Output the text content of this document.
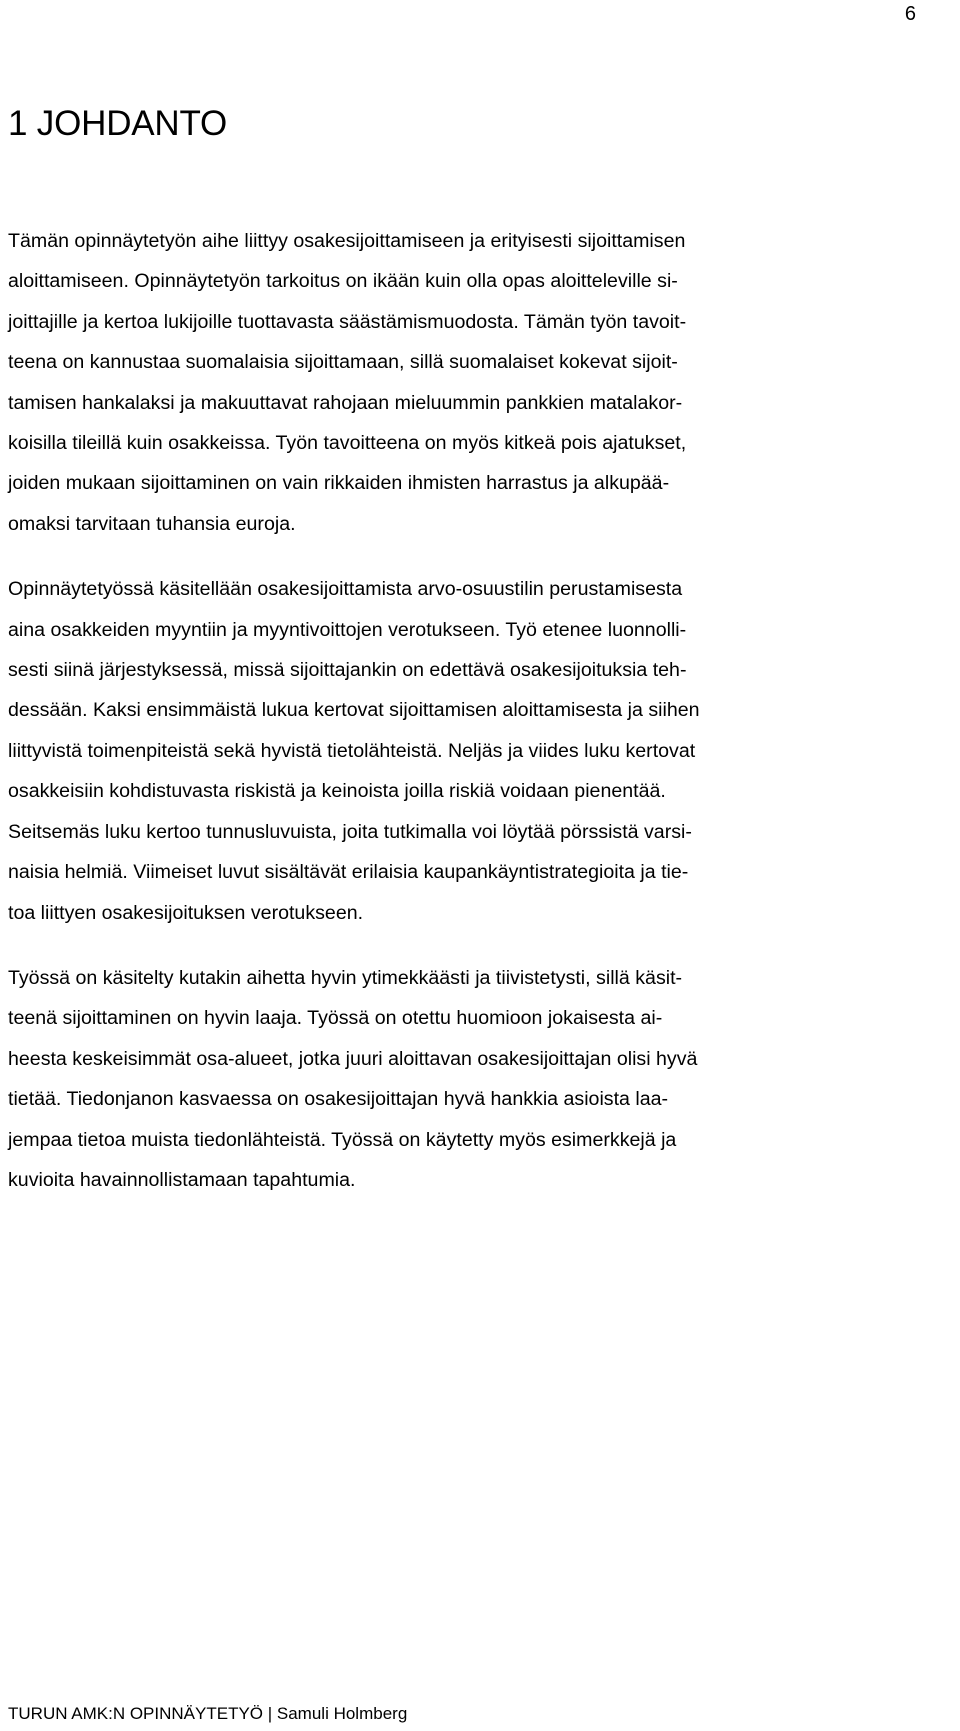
6
1 JOHDANTO

Tämän opinnäytetyön aihe liittyy osakesijoittamiseen ja erityisesti sijoittamisen
aloittamiseen. Opinnäytetyön tarkoitus on ikään kuin olla opas aloitteleville si-
joittajille ja kertoa lukijoille tuottavasta säästämismuodosta. Tämän työn tavoit-
teena on kannustaa suomalaisia sijoittamaan, sillä suomalaiset kokevat sijoit-
tamisen hankalaksi ja makuuttavat rahojaan mieluummin pankkien matalakor-
koisilla tileillä kuin osakkeissa. Työn tavoitteena on myös kitkeä pois ajatukset,
joiden mukaan sijoittaminen on vain rikkaiden ihmisten harrastus ja alkupää-
omaksi tarvitaan tuhansia euroja.

Opinnäytetyössä käsitellään osakesijoittamista arvo-osuustilin perustamisesta
aina osakkeiden myyntiin ja myyntivoittojen verotukseen. Työ etenee luonnolli-
sesti siinä järjestyksessä, missä sijoittajankin on edettävä osakesijoituksia teh-
dessään. Kaksi ensimmäistä lukua kertovat sijoittamisen aloittamisesta ja siihen
liittyvistä toimenpiteistä sekä hyvistä tietolähteistä. Neljäs ja viides luku kertovat
osakkeisiin kohdistuvasta riskistä ja keinoista joilla riskiä voidaan pienentää.
Seitsemäs luku kertoo tunnusluvuista, joita tutkimalla voi löytää pörssistä varsi-
naisia helmiä. Viimeiset luvut sisältävät erilaisia kaupankäyntistrategioita ja tie-
toa liittyen osakesijoituksen verotukseen.

Työssä on käsitelty kutakin aihetta hyvin ytimekkäästi ja tiivistetysti, sillä käsit-
teenä sijoittaminen on hyvin laaja. Työssä on otettu huomioon jokaisesta ai-
heesta keskeisimmät osa-alueet, jotka juuri aloittavan osakesijoittajan olisi hyvä
tietää. Tiedonjanon kasvaessa on osakesijoittajan hyvä hankkia asioista laa-
jempaa tietoa muista tiedonlähteistä. Työssä on käytetty myös esimerkkejä ja
kuvioita havainnollistamaan tapahtumia.

TURUN AMK:N OPINNÄYTETYÖ | Samuli Holmberg
